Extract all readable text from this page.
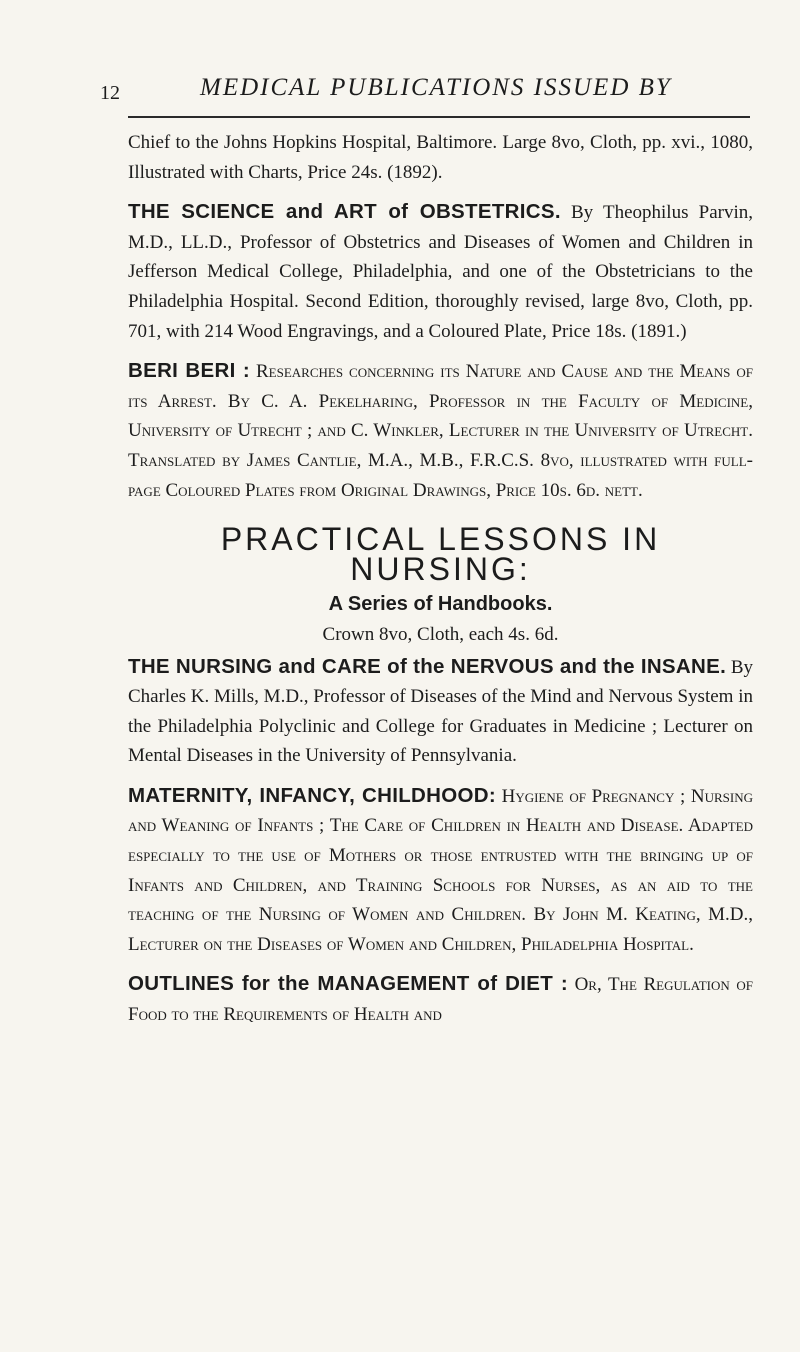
12	MEDICAL PUBLICATIONS ISSUED BY

Chief to the Johns Hopkins Hospital, Baltimore. Large 8vo, Cloth, pp. xvi., 1080, Illustrated with Charts, Price 24s. (1892).

THE SCIENCE and ART of OBSTETRICS. By Theophilus Parvin, M.D., LL.D., Professor of Obstetrics and Diseases of Women and Children in Jefferson Medical College, Philadelphia, and one of the Obstetricians to the Philadelphia Hospital. Second Edition, thoroughly revised, large 8vo, Cloth, pp. 701, with 214 Wood Engravings, and a Coloured Plate, Price 18s. (1891.)
BERI BERI : Researches concerning its Nature and Cause and the Means of its Arrest. By C. A. Pekelharing, Professor in the Faculty of Medicine, University of Utrecht ; and C. Winkler, Lecturer in the University of Utrecht. Translated by James Cantlie, M.A., M.B., F.R.C.S. 8vo, illustrated with full-page Coloured Plates from Original Drawings, Price 10s. 6d. nett.
PRACTICAL LESSONS IN NURSING:
A Series of Handbooks.
Crown 8vo, Cloth, each 4s. 6d.
THE NURSING and CARE of the NERVOUS and the INSANE. By Charles K. Mills, M.D., Professor of Diseases of the Mind and Nervous System in the Philadelphia Polyclinic and College for Graduates in Medicine ; Lecturer on Mental Diseases in the University of Pennsylvania.
MATERNITY, INFANCY, CHILDHOOD: Hygiene of Pregnancy ; Nursing and Weaning of Infants ; The Care of Children in Health and Disease. Adapted especially to the use of Mothers or those entrusted with the bringing up of Infants and Children, and Training Schools for Nurses, as an aid to the teaching of the Nursing of Women and Children. By John M. Keating, M.D., Lecturer on the Diseases of Women and Children, Philadelphia Hospital.
OUTLINES for the MANAGEMENT of DIET : Or, The Regulation of Food to the Requirements of Health and
